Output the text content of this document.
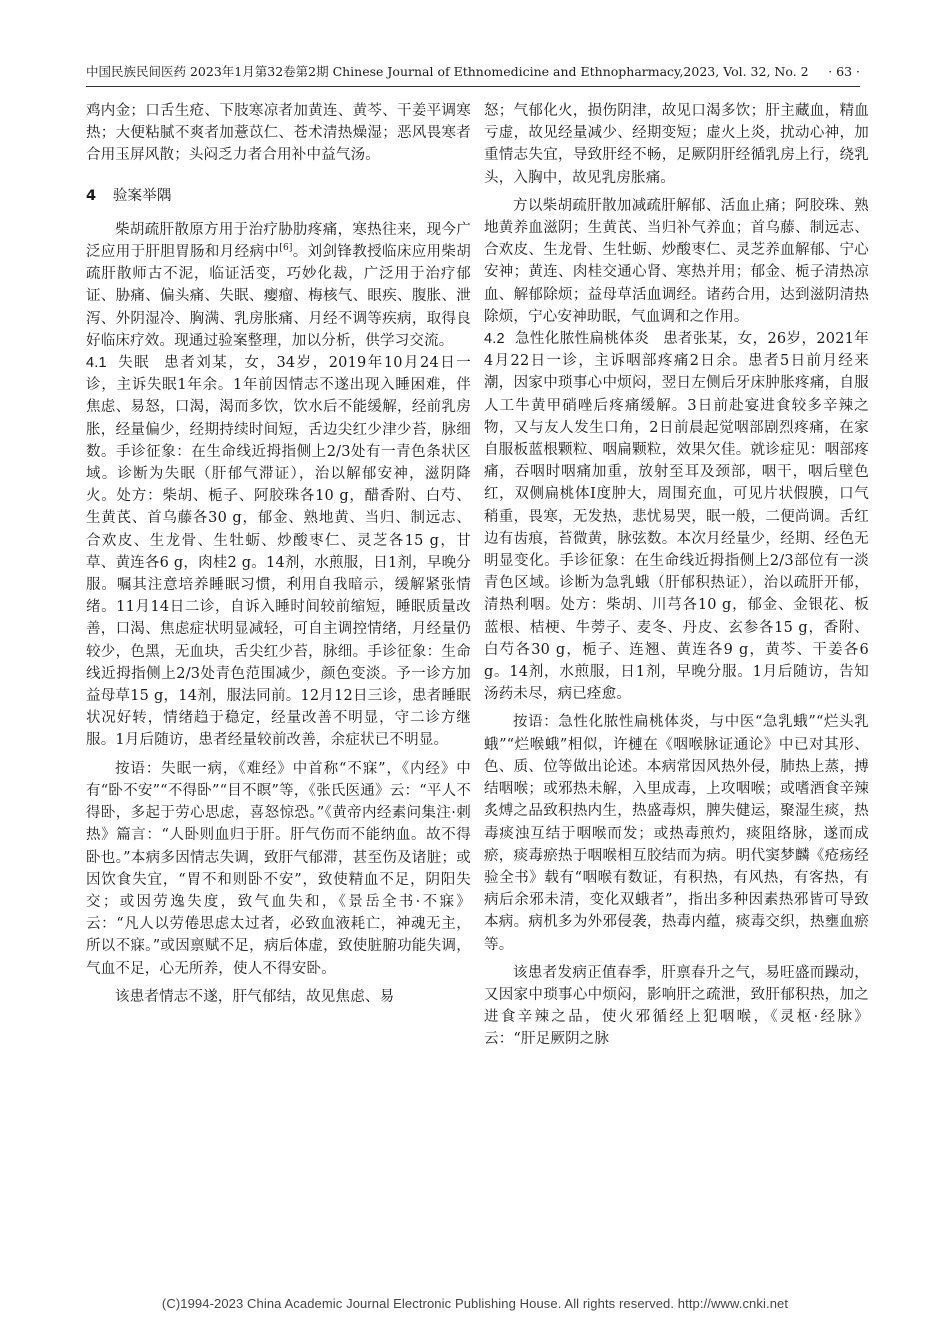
中国民族民间医药 2023年1月第32卷第2期 Chinese Journal of Ethnomedicine and Ethnopharmacy,2023, Vol. 32, No. 2 · 63 ·

鸡内金；口舌生疮、下肢寒凉者加黄连、黄芩、干姜平调寒热；大便粘腻不爽者加薏苡仁、苍术清热燥湿；恶风畏寒者合用玉屏风散；头闷乏力者合用补中益气汤。

4 验案举隅

柴胡疏肝散原方用于治疗胁肋疼痛，寒热往来，现今广泛应用于肝胆胃肠和月经病中[6]。刘剑锋教授临床应用柴胡疏肝散师古不泥，临证活变，巧妙化裁，广泛用于治疗郁证、胁痛、偏头痛、失眠、瘿瘤、梅核气、眼疾、腹胀、泄泻、外阴湿冷、胸满、乳房胀痛、月经不调等疾病，取得良好临床疗效。现通过验案整理，加以分析，供学习交流。

4.1 失眠 患者刘某，女，34岁，2019年10月24日一诊，主诉失眠1年余。1年前因情志不遂出现入睡困难，伴焦虑、易怒，口渴，渴而多饮，饮水后不能缓解，经前乳房胀，经量偏少，经期持续时间短，舌边尖红少津少苔，脉细数。手诊征象：在生命线近拇指侧上2/3处有一青色条状区域。诊断为失眠（肝郁气滞证），治以解郁安神，滋阴降火。处方：柴胡、栀子、阿胶珠各10 g，醋香附、白芍、生黄芪、首乌藤各30 g，郁金、熟地黄、当归、制远志、合欢皮、生龙骨、生牡蛎、炒酸枣仁、灵芝各15 g，甘草、黄连各6 g，肉桂2 g。14剂，水煎服，日1剂，早晚分服。嘱其注意培养睡眠习惯，利用自我暗示，缓解紧张情绪。11月14日二诊，自诉入睡时间较前缩短，睡眠质量改善，口渴、焦虑症状明显减轻，可自主调控情绪，月经量仍较少，色黑，无血块，舌尖红少苔，脉细。手诊征象：生命线近拇指侧上2/3处青色范围减少，颜色变淡。予一诊方加益母草15 g，14剂，服法同前。12月12日三诊，患者睡眠状况好转，情绪趋于稳定，经量改善不明显，守二诊方继服。1月后随访，患者经量较前改善，余症状已不明显。

按语：失眠一病，《难经》中首称“不寐”，《内经》中有“卧不安”“不得卧”“目不瞑”等，《张氏医通》云：“平人不得卧，多起于劳心思虑，喜怒惊恐。”《黄帝内经素问集注·刺热》篇言：“人卧则血归于肝。肝气伤而不能纳血。故不得卧也。”本病多因情志失调，致肝气郁滞，甚至伤及诸脏；或因饮食失宜，“胃不和则卧不安”，致使精血不足，阴阳失交；或因劳逸失度，致气血失和，《景岳全书·不寐》云：“凡人以劳倦思虑太过者，必致血液耗亡，神魂无主，所以不寐。”或因禀赋不足，病后体虚，致使脏腑功能失调，气血不足，心无所养，使人不得安卧。

该患者情志不遂，肝气郁结，故见焦虑、易

怒；气郁化火，损伤阴津，故见口渴多饮；肝主藏血，精血亏虚，故见经量减少、经期变短；虚火上炎，扰动心神，加重情志失宜，导致肝经不畅，足厥阴肝经循乳房上行，绕乳头，入胸中，故见乳房胀痛。

方以柴胡疏肝散加减疏肝解郁、活血止痛；阿胶珠、熟地黄养血滋阴；生黄芪、当归补气养血；首乌藤、制远志、合欢皮、生龙骨、生牡蛎、炒酸枣仁、灵芝养血解郁、宁心安神；黄连、肉桂交通心肾、寒热并用；郁金、栀子清热凉血、解郁除烦；益母草活血调经。诸药合用，达到滋阴清热除烦，宁心安神助眠，气血调和之作用。

4.2 急性化脓性扁桃体炎 患者张某，女，26岁，2021年4月22日一诊，主诉咽部疼痛2日余。患者5日前月经来潮，因家中琐事心中烦闷，翌日左侧后牙床肿胀疼痛，自服人工牛黄甲硝唑后疼痛缓解。3日前赴宴进食较多辛辣之物，又与友人发生口角，2日前晨起觉咽部剧烈疼痛，在家自服板蓝根颗粒、咽扁颗粒，效果欠佳。就诊症见：咽部疼痛，吞咽时咽痛加重，放射至耳及颈部，咽干，咽后壁色红，双侧扁桃体Ⅰ度肿大，周围充血，可见片状假膜，口气稍重，畏寒，无发热，悲忧易哭，眠一般，二便尚调。舌红边有齿痕，苔微黄，脉弦数。本次月经量少，经期、经色无明显变化。手诊征象：在生命线近拇指侧上2/3部位有一淡青色区域。诊断为急乳蛾（肝郁积热证），治以疏肝开郁，清热利咽。处方：柴胡、川芎各10 g，郁金、金银花、板蓝根、桔梗、牛蒡子、麦冬、丹皮、玄参各15 g，香附、白芍各30 g，栀子、连翘、黄连各9 g，黄芩、干姜各6 g。14剂，水煎服，日1剂，早晚分服。1月后随访，告知汤药未尽，病已痊愈。

按语：急性化脓性扁桃体炎，与中医“急乳蛾”“烂头乳蛾”“烂喉蛾”相似，许槤在《咽喉脉证通论》中已对其形、色、质、位等做出论述。本病常因风热外侵，肺热上蒸，搏结咽喉；或邪热未解，入里成毒，上攻咽喉；或嗜酒食辛辣炙煿之品致积热内生，热盛毒炽，脾失健运，聚湿生痰，热毒痰浊互结于咽喉而发；或热毒煎灼，痰阻络脉，遂而成瘀，痰毒瘀热于咽喉相互胶结而为病。明代窦梦麟《疮疡经验全书》载有“咽喉有数证，有积热，有风热，有客热，有病后余邪未清，变化双蛾者”，指出多种因素热邪皆可导致本病。病机多为外邪侵袭，热毒内蕴，痰毒交织，热壅血瘀等。

该患者发病正值春季，肝禀春升之气，易旺盛而躁动，又因家中琐事心中烦闷，影响肝之疏泄，致肝郁积热，加之进食辛辣之品，使火邪循经上犯咽喉，《灵枢·经脉》云：“肝足厥阴之脉

(C)1994-2023 China Academic Journal Electronic Publishing House. All rights reserved. http://www.cnki.net
